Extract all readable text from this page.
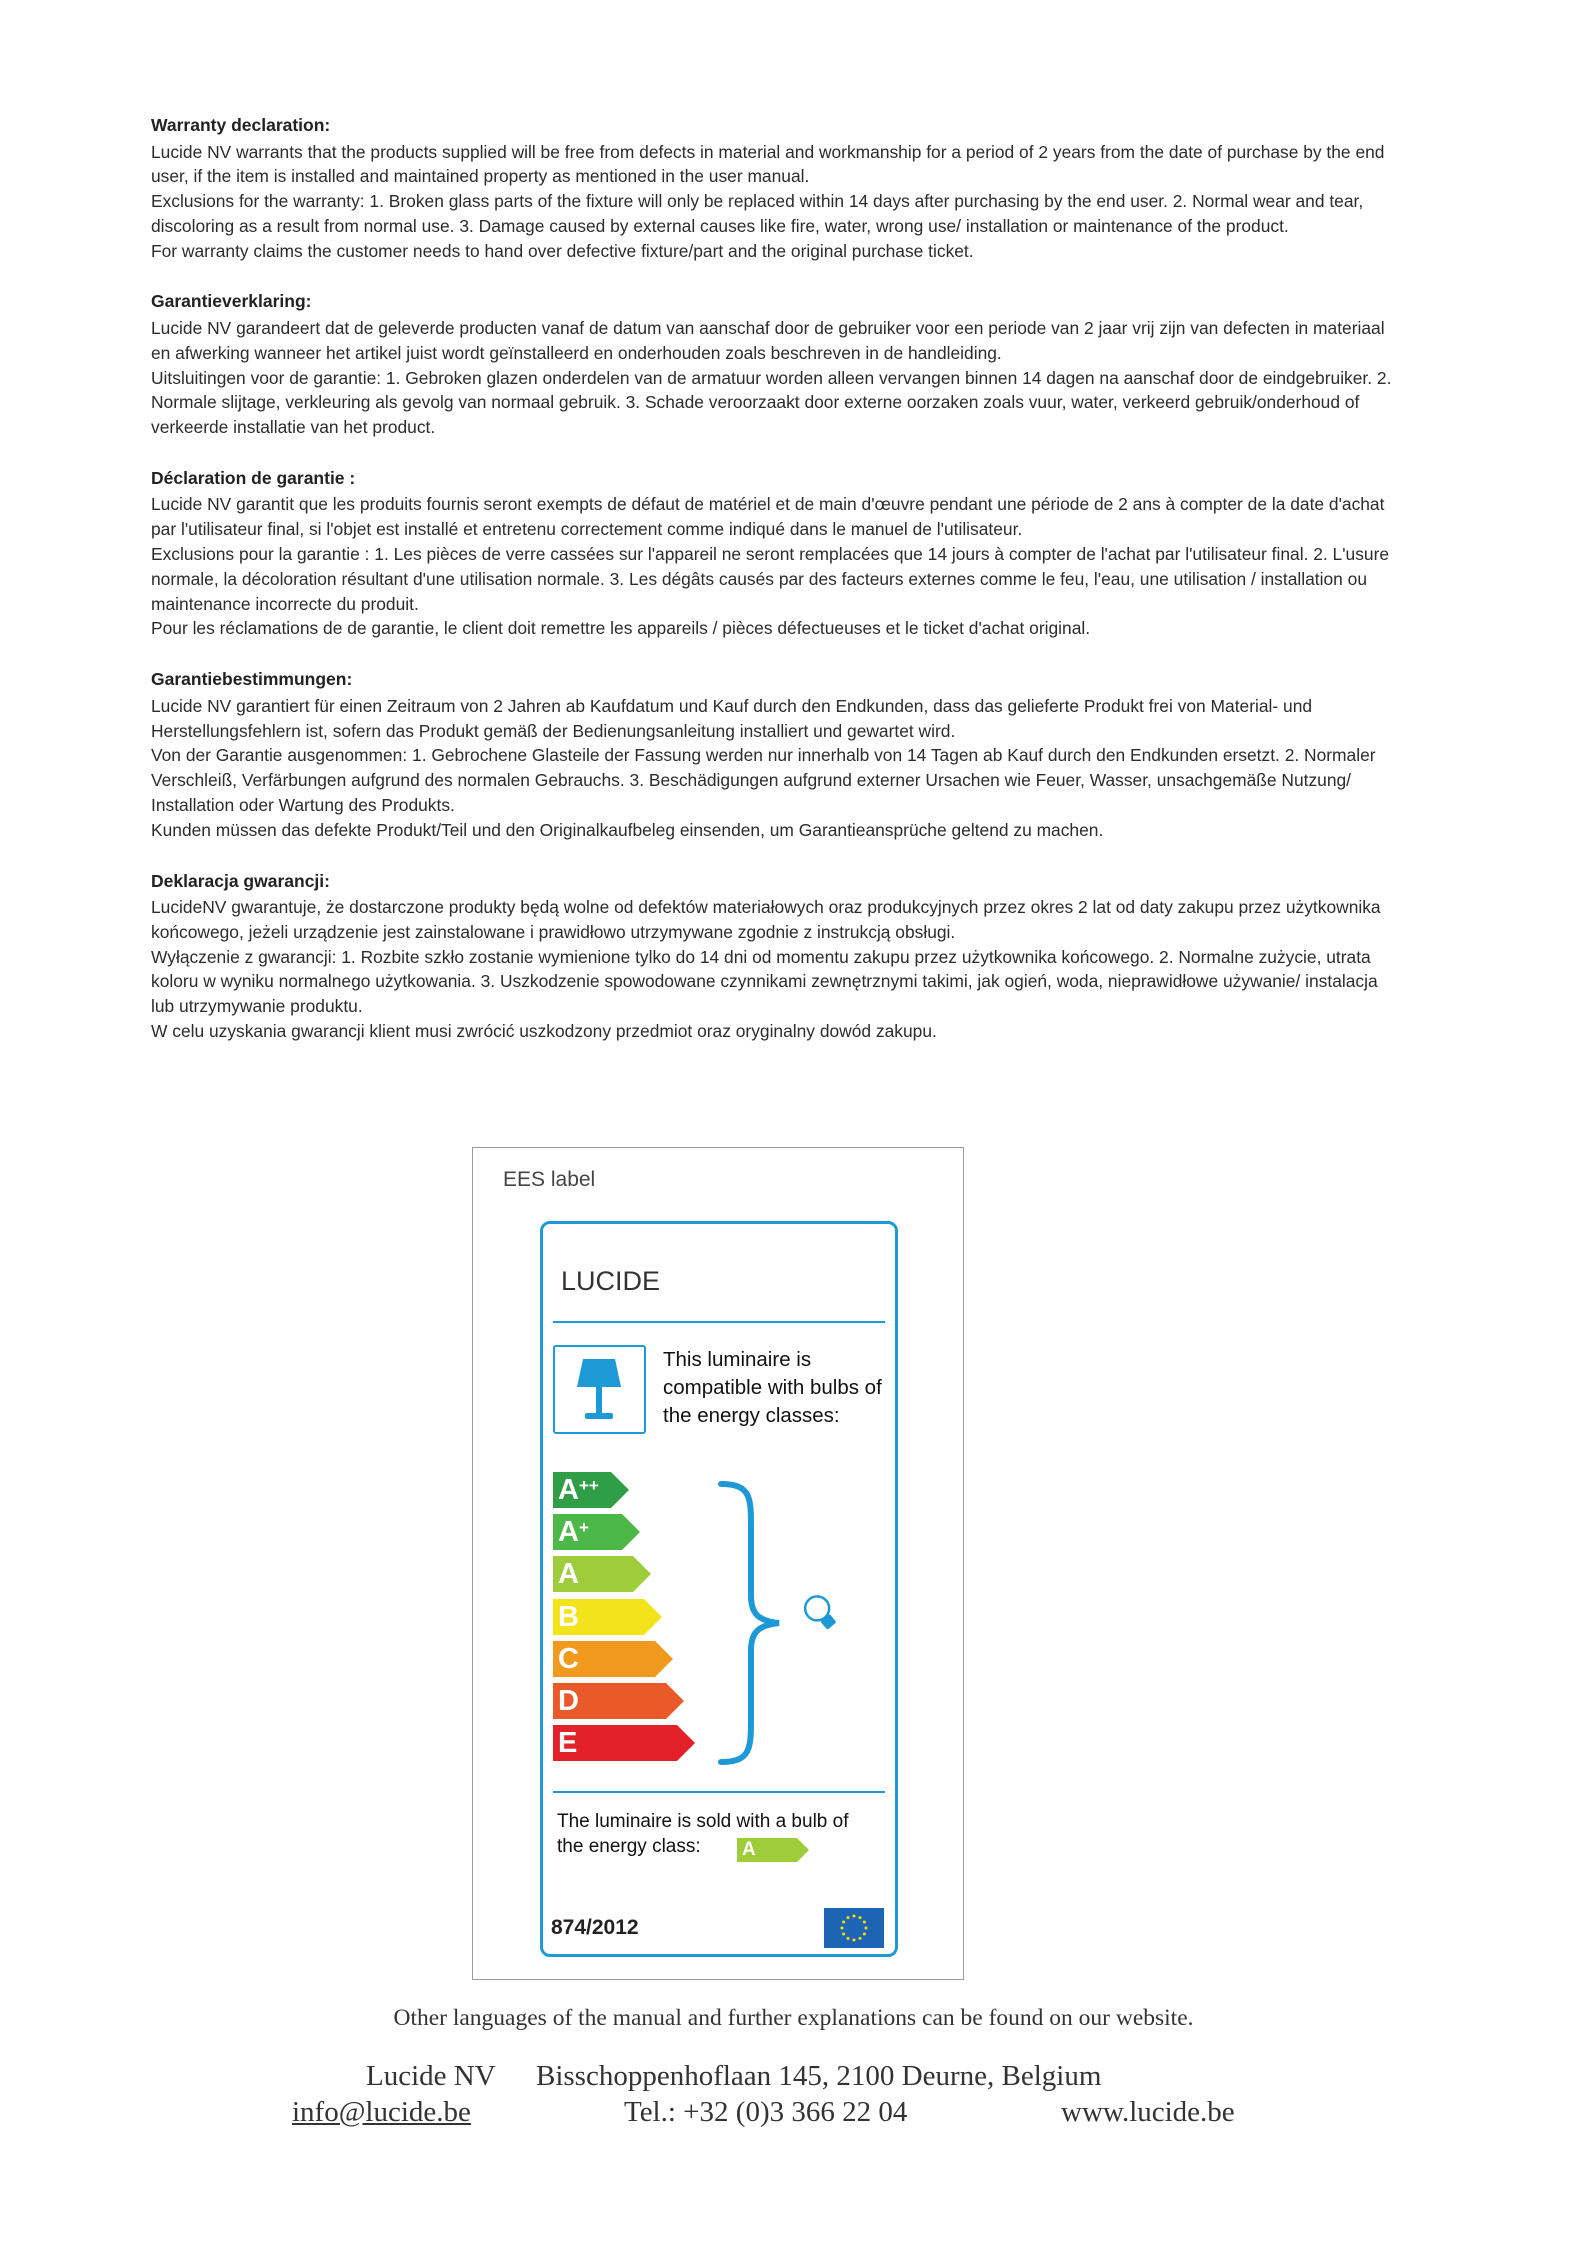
Warranty declaration:

Lucide NV warrants that the products supplied will be free from defects in material and workmanship for a period of 2 years from the date of purchase by the end user, if the item is installed and maintained property as mentioned in the user manual.

Exclusions for the warranty: 1. Broken glass parts of the fixture will only be replaced within 14 days after purchasing by the end user. 2. Normal wear and tear, discoloring as a result from normal use. 3. Damage caused by external causes like fire, water, wrong use/ installation or maintenance of the product.

For warranty claims the customer needs to hand over defective fixture/part and the original purchase ticket.

Garantieverklaring:

Lucide NV garandeert dat de geleverde producten vanaf de datum van aanschaf door de gebruiker voor een periode van 2 jaar vrij zijn van defecten in materiaal en afwerking wanneer het artikel juist wordt geïnstalleerd en onderhouden zoals beschreven in de handleiding.

Uitsluitingen voor de garantie: 1. Gebroken glazen onderdelen van de armatuur worden alleen vervangen binnen 14 dagen na aanschaf door de eindgebruiker. 2. Normale slijtage, verkleuring als gevolg van normaal gebruik. 3. Schade veroorzaakt door externe oorzaken zoals vuur, water, verkeerd gebruik/onderhoud of verkeerde installatie van het product.

Déclaration de garantie :

Lucide NV garantit que les produits fournis seront exempts de défaut de matériel et de main d'œuvre pendant une période de 2 ans à compter de la date d'achat par l'utilisateur final, si l'objet est installé et entretenu correctement comme indiqué dans le manuel de l'utilisateur.

Exclusions pour la garantie : 1. Les pièces de verre cassées sur l'appareil ne seront remplacées que 14 jours à compter de l'achat par l'utilisateur final. 2. L'usure normale, la décoloration résultant d'une utilisation normale. 3. Les dégâts causés par des facteurs externes comme le feu, l'eau, une utilisation / installation ou maintenance incorrecte du produit.

Pour les réclamations de de garantie, le client doit remettre les appareils / pièces défectueuses et le ticket d'achat original.

Garantiebestimmungen:

Lucide NV garantiert für einen Zeitraum von 2 Jahren ab Kaufdatum und Kauf durch den Endkunden, dass das gelieferte Produkt frei von Material- und Herstellungsfehlern ist, sofern das Produkt gemäß der Bedienungsanleitung installiert und gewartet wird.

Von der Garantie ausgenommen: 1. Gebrochene Glasteile der Fassung werden nur innerhalb von 14 Tagen ab Kauf durch den Endkunden ersetzt. 2. Normaler Verschleiß, Verfärbungen aufgrund des normalen Gebrauchs. 3. Beschädigungen aufgrund externer Ursachen wie Feuer, Wasser, unsachgemäße Nutzung/ Installation oder Wartung des Produkts.

Kunden müssen das defekte Produkt/Teil und den Originalkaufbeleg einsenden, um Garantieansprüche geltend zu machen.

Deklaracja gwarancji:

LucideNV gwarantuje, że dostarczone produkty będą wolne od defektów materiałowych oraz produkcyjnych przez okres 2 lat od daty zakupu przez użytkownika końcowego, jeżeli urządzenie jest zainstalowane i prawidłowo utrzymywane zgodnie z instrukcją obsługi.

Wyłączenie z gwarancji: 1. Rozbite szkło zostanie wymienione tylko do 14 dni od momentu zakupu przez użytkownika końcowego. 2. Normalne zużycie, utrata koloru w wyniku normalnego użytkowania. 3. Uszkodzenie spowodowane czynnikami zewnętrznymi takimi, jak ogień, woda, nieprawidłowe używanie/ instalacja lub utrzymywanie produktu.

W celu uzyskania gwarancji klient musi zwrócić uszkodzony przedmiot oraz oryginalny dowód zakupu.

EES label
LUCIDE
This luminaire is compatible with bulbs of the energy classes:
A++
A+
A
B
C
D
E
The luminaire is sold with a bulb of the energy class:	A
874/2012
Other languages of the manual and further explanations can be found on our website.
Lucide NV Bisschoppenhoflaan 145, 2100 Deurne, Belgium
info@lucide.be	Tel.: +32 (0)3 366 22 04	www.lucide.be
